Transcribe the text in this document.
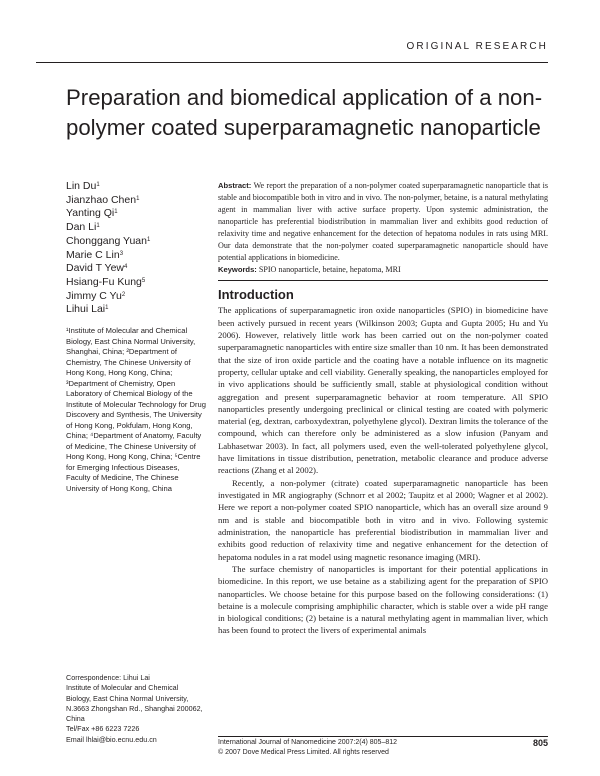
ORIGINAL RESEARCH
Preparation and biomedical application of a non-polymer coated superparamagnetic nanoparticle
Lin Du$^1$
Jianzhao Chen$^1$
Yanting Qi$^1$
Dan Li$^1$
Chonggang Yuan$^1$
Marie C Lin$^3$
David T Yew$^4$
Hsiang-Fu Kung$^5$
Jimmy C Yu$^2$
Lihui Lai$^1$
¹Institute of Molecular and Chemical Biology, East China Normal University, Shanghai, China; ²Department of Chemistry, The Chinese University of Hong Kong, Hong Kong, China; ³Department of Chemistry, Open Laboratory of Chemical Biology of the Institute of Molecular Technology for Drug Discovery and Synthesis, The University of Hong Kong, Pokfulam, Hong Kong, China; ⁴Department of Anatomy, Faculty of Medicine, The Chinese University of Hong Kong, Hong Kong, China; ⁵Centre for Emerging Infectious Diseases, Faculty of Medicine, The Chinese University of Hong Kong, China
Correspondence: Lihui Lai
Institute of Molecular and Chemical
Biology, East China Normal University,
N.3663 Zhongshan Rd., Shanghai 200062,
China
Tel/Fax +86 6223 7226
Email lhlai@bio.ecnu.edu.cn

Abstract: We report the preparation of a non-polymer coated superparamagnetic nanoparticle that is stable and biocompatible both in vitro and in vivo. The non-polymer, betaine, is a natural methylating agent in mammalian liver with active surface property. Upon systemic administration, the nanoparticle has preferential biodistribution in mammalian liver and exhibits good reduction of relaxivity time and negative enhancement for the detection of hepatoma nodules in rats using MRI. Our data demonstrate that the non-polymer coated superparamagnetic nanoparticle should have potential applications in biomedicine.

Keywords: SPIO nanoparticle, betaine, hepatoma, MRI

Introduction

The applications of superparamagnetic iron oxide nanoparticles (SPIO) in biomedicine have been actively pursued in recent years (Wilkinson 2003; Gupta and Gupta 2005; Hu and Yu 2006). However, relatively little work has been carried out on the non-polymer coated superparamagnetic nanoparticles with entire size smaller than 10 nm. It has been demonstrated that the size of iron oxide particle and the coating have a notable influence on its magnetic property, cellular uptake and cell viability. Generally speaking, the nanoparticles employed for in vivo applications should be sufficiently small, stable at physiological condition without aggregation and present superparamagnetic behavior at room temperature. All SPIO nanoparticles presently undergoing preclinical or clinical testing are coated with polymeric material (eg, dextran, carboxydextran, polyethylene glycol). Dextran limits the tolerance of the compound, which can therefore only be administered as a slow infusion (Panyam and Labhasetwar 2003). In fact, all polymers used, even the well-tolerated polyethylene glycol, have limitations in tissue distribution, penetration, metabolic clearance and produce adverse reactions (Zhang et al 2002).

Recently, a non-polymer (citrate) coated superparamagnetic nanoparticle has been investigated in MR angiography (Schnorr et al 2002; Taupitz et al 2000; Wagner et al 2002). Here we report a non-polymer coated SPIO nanoparticle, which has an overall size around 9 nm and is stable and biocompatible both in vitro and in vivo. Following systemic administration, the nanoparticle has preferential biodistribution in mammalian liver and exhibits good reduction of relaxivity time and negative enhancement for the detection of hepatoma nodules in a rat model using magnetic resonance imaging (MRI).

The surface chemistry of nanoparticles is important for their potential applications in biomedicine. In this report, we use betaine as a stabilizing agent for the preparation of SPIO nanoparticles. We choose betaine for this purpose based on the following considerations: (1) betaine is a molecule comprising amphiphilic character, which is stable over a wide pH range in biological conditions; (2) betaine is a natural methylating agent in mammalian liver, which has been found to protect the livers of experimental animals

International Journal of Nanomedicine 2007:2(4) 805–812	805
© 2007 Dove Medical Press Limited. All rights reserved
